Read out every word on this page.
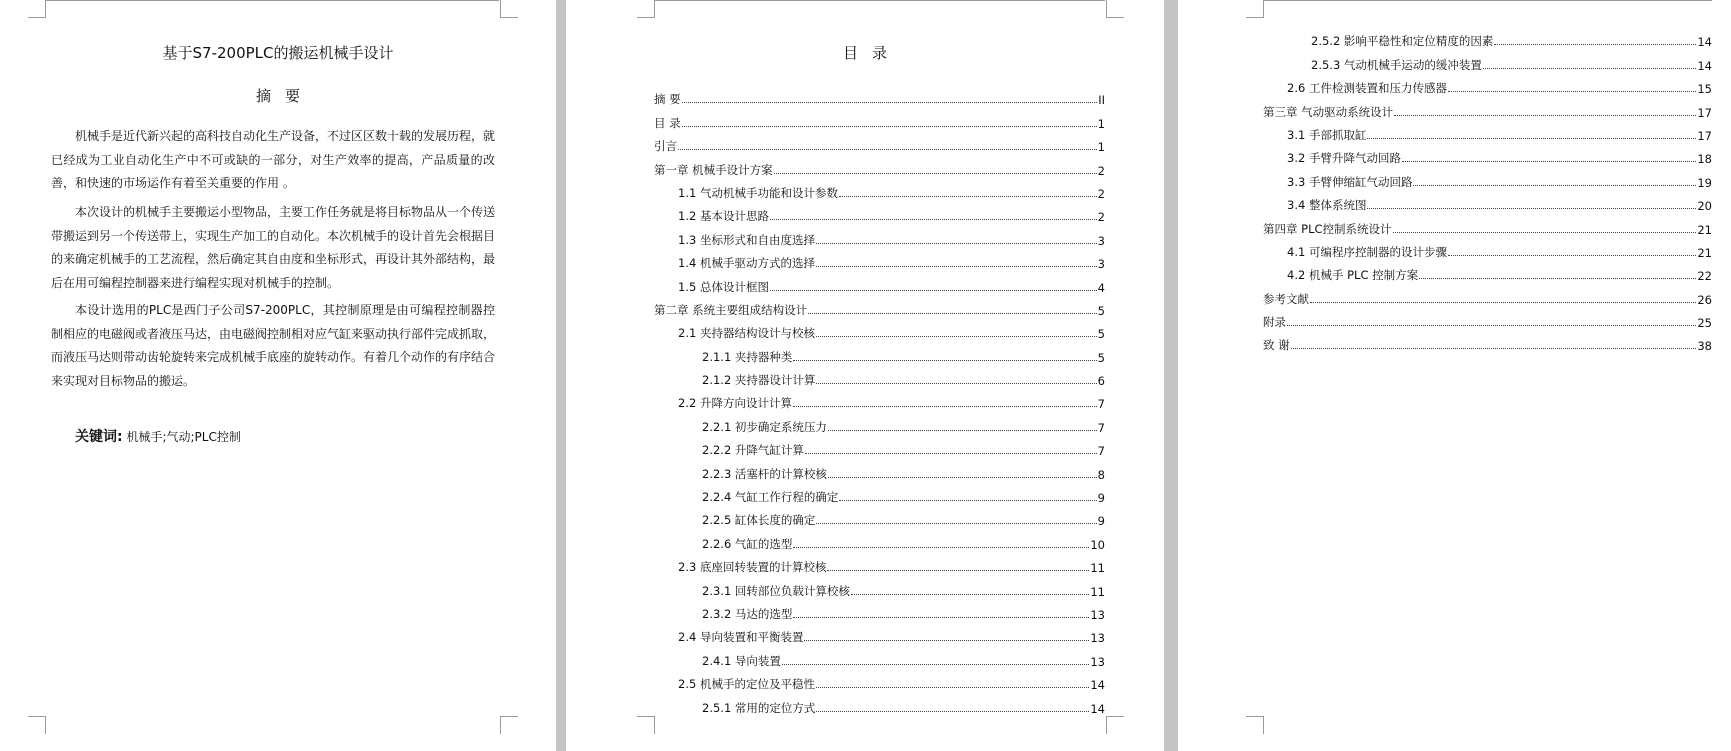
基于S7-200PLC的搬运机械手设计
摘要

机械手是近代新兴起的高科技自动化生产设备，不过区区数十载的发展历程，就已经成为工业自动化生产中不可或缺的一部分，对生产效率的提高，产品质量的改善，和快速的市场运作有着至关重要的作用 。

本次设计的机械手主要搬运小型物品，主要工作任务就是将目标物品从一个传送带搬运到另一个传送带上，实现生产加工的自动化。本次机械手的设计首先会根据目的来确定机械手的工艺流程，然后确定其自由度和坐标形式，再设计其外部结构，最后在用可编程控制器来进行编程实现对机械手的控制。

本设计选用的PLC是西门子公司S7-200PLC，其控制原理是由可编程控制器控制相应的电磁阀或者液压马达，由电磁阀控制相对应气缸来驱动执行部件完成抓取，而液压马达则带动齿轮旋转来完成机械手底座的旋转动作。有着几个动作的有序结合来实现对目标物品的搬运。

关键词: 机械手;气动;PLC控制
目录
摘 要	II
目 录	1
引言	1
第一章 机械手设计方案	2
1.1 气动机械手功能和设计参数	2
1.2 基本设计思路	2
1.3 坐标形式和自由度选择	3
1.4 机械手驱动方式的选择	3
1.5 总体设计框图	4
第二章 系统主要组成结构设计	5
2.1 夹持器结构设计与校核	5
2.1.1 夹持器种类	5
2.1.2 夹持器设计计算	6
2.2 升降方向设计计算	7
2.2.1 初步确定系统压力	7
2.2.2 升降气缸计算	7
2.2.3 活塞杆的计算校核	8
2.2.4 气缸工作行程的确定	9
2.2.5 缸体长度的确定	9
2.2.6 气缸的选型	10
2.3 底座回转装置的计算校核	11
2.3.1 回转部位负载计算校核	11
2.3.2 马达的选型	13
2.4 导向装置和平衡装置	13
2.4.1 导向装置	13
2.5 机械手的定位及平稳性	14
2.5.1 常用的定位方式	14
2.5.2 影响平稳性和定位精度的因素	14
2.5.3 气动机械手运动的缓冲装置	14
2.6 工件检测装置和压力传感器	15
第三章 气动驱动系统设计	17
3.1 手部抓取缸	17
3.2 手臂升降气动回路	18
3.3 手臂伸缩缸气动回路	19
3.4 整体系统图	20
第四章 PLC控制系统设计	21
4.1 可编程序控制器的设计步骤	21
4.2 机械手 PLC 控制方案	22
参考文献	26
附录	25
致 谢	38
